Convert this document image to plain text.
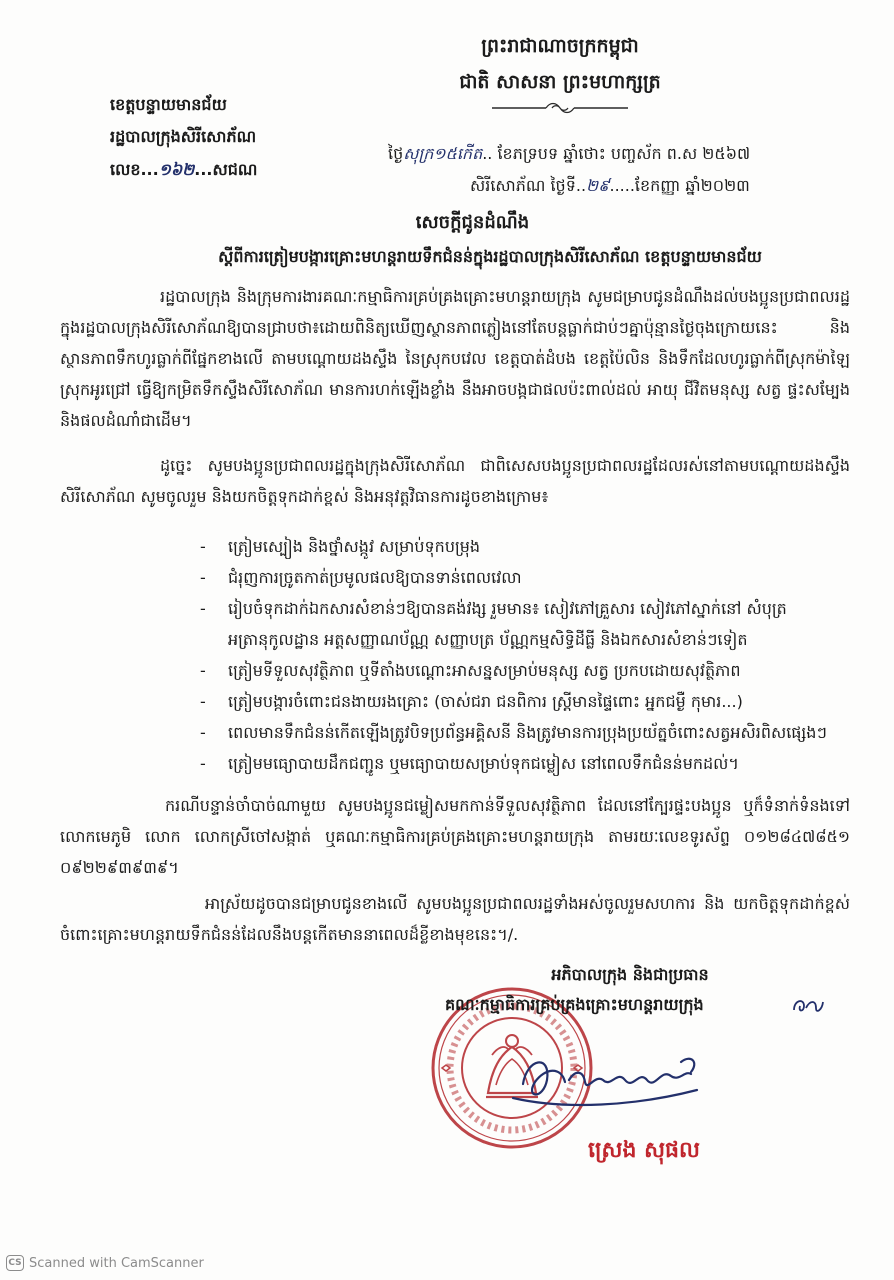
ព្រះរាជាណាចក្រកម្ពុជា
ជាតិ សាសនា ព្រះមហាក្សត្រ
ខេត្តបន្ទាយមានជ័យ
រដ្ឋបាលក្រុងសិរីសោភ័ណ
លេខ...១៦២...សជណ
ថ្ងៃសុក្រ១៥កើត.. ខែភទ្របទ ឆ្នាំថោះ បញ្ចស័ក ព.ស ២៥៦៧
សិរីសោភ័ណ ថ្ងៃទី..២៩.....ខែកញ្ញា ឆ្នាំ២០២៣
សេចក្តីជូនដំណឹង
ស្តីពីការត្រៀមបង្ការគ្រោះមហន្តរាយទឹកជំនន់ក្នុងរដ្ឋបាលក្រុងសិរីសោភ័ណ ខេត្តបន្ទាយមានជ័យ

រដ្ឋបាលក្រុង និងក្រុមការងារគណៈកម្មាធិការគ្រប់គ្រងគ្រោះមហន្តរាយក្រុង សូមជម្រាបជូនដំណឹងដល់បងប្អូនប្រជាពលរដ្ឋក្នុងរដ្ឋបាលក្រុងសិរីសោភ័ណឱ្យបានជ្រាបថា៖ដោយពិនិត្យឃើញស្ថានភាពភ្លៀងនៅតែបន្តធ្លាក់ជាប់ៗគ្នាប៉ុន្មានថ្ងៃចុងក្រោយនេះ និងស្ថានភាពទឹកហូរធ្លាក់ពីផ្នែកខាងលើ តាមបណ្តោយដងស្ទឹង នៃស្រុកបវេល ខេត្តបាត់ដំបង ខេត្តប៉ៃលិន និងទឹកដែលហូរធ្លាក់ពីស្រុកម៉ាឡៃ ស្រុកអូរជ្រៅ ធ្វើឱ្យកម្រិតទឹកស្ទឹងសិរីសោភ័ណ មានការហក់ឡើងខ្លាំង នឹងអាចបង្កជាផលប៉ះពាល់ដល់ អាយុ ជីវិតមនុស្ស សត្វ ផ្ទះសម្បែង និងផលដំណាំជាដើម។

ដូច្នេះ សូមបងប្អូនប្រជាពលរដ្ឋក្នុងក្រុងសិរីសោភ័ណ ជាពិសេសបងប្អូនប្រជាពលរដ្ឋដែលរស់នៅតាមបណ្តោយដងស្ទឹងសិរីសោភ័ណ សូមចូលរួម និងយកចិត្តទុកដាក់ខ្ពស់ និងអនុវត្តវិធានការដូចខាងក្រោម៖

-	ត្រៀមស្បៀង និងថ្នាំសង្កូវ សម្រាប់ទុកបម្រុង
-	ជំរុញការច្រូតកាត់ប្រមូលផលឱ្យបានទាន់ពេលវេលា
-	រៀបចំទុកដាក់ឯកសារសំខាន់ៗឱ្យបានគង់វង្ស រួមមាន៖ សៀវភៅគ្រួសារ សៀវភៅស្នាក់នៅ សំបុត្រអត្រានុកូលដ្ឋាន អត្តសញ្ញាណប័ណ្ណ សញ្ញាបត្រ ប័ណ្ណកម្មសិទ្ធិដីធ្លី និងឯកសារសំខាន់ៗទៀត
-	ត្រៀមទីទួលសុវត្ថិភាព ឬទីតាំងបណ្តោះអាសន្នសម្រាប់មនុស្ស សត្វ ប្រកបដោយសុវត្ថិភាព
-	ត្រៀមបង្ការចំពោះជនងាយរងគ្រោះ (ចាស់ជរា ជនពិការ ស្ត្រីមានផ្ទៃពោះ អ្នកជម្ងឺ កុមារ...)
-	ពេលមានទឹកជំនន់កើតឡើងត្រូវបិទប្រព័ន្ធអគ្គិសនី និងត្រូវមានការប្រុងប្រយ័ត្នចំពោះសត្វអសិរពិសផ្សេងៗ
-	ត្រៀមមធ្យោបាយដឹកជញ្ជូន ឬមធ្យោបាយសម្រាប់ទុកជម្លៀស នៅពេលទឹកជំនន់មកដល់។

ករណីបន្ទាន់ចាំបាច់ណាមួយ សូមបងប្អូនជម្លៀសមកកាន់ទីទួលសុវត្ថិភាព ដែលនៅក្បែរផ្ទះបងប្អូន ឬក៏ទំនាក់ទំនងទៅលោកមេភូមិ លោក លោកស្រីចៅសង្កាត់ ឬគណៈកម្មាធិការគ្រប់គ្រងគ្រោះមហន្តរាយក្រុង តាមរយៈលេខទូរស័ព្ទ ០១២៨៤៧៨៥១ ០៩២២៩៣៩៣៩។

អាស្រ័យដូចបានជម្រាបជូនខាងលើ សូមបងប្អូនប្រជាពលរដ្ឋទាំងអស់ចូលរួមសហការ និង យកចិត្តទុកដាក់ខ្ពស់ ចំពោះគ្រោះមហន្តរាយទឹកជំនន់ដែលនឹងបន្តកើតមាននាពេលដ៏ខ្លីខាងមុខនេះ។/.

អភិបាលក្រុង និងជាប្រធាន
គណៈកម្មាធិការគ្រប់គ្រងគ្រោះមហន្តរាយក្រុង
ស្រេង សុផល
CS Scanned with CamScanner
